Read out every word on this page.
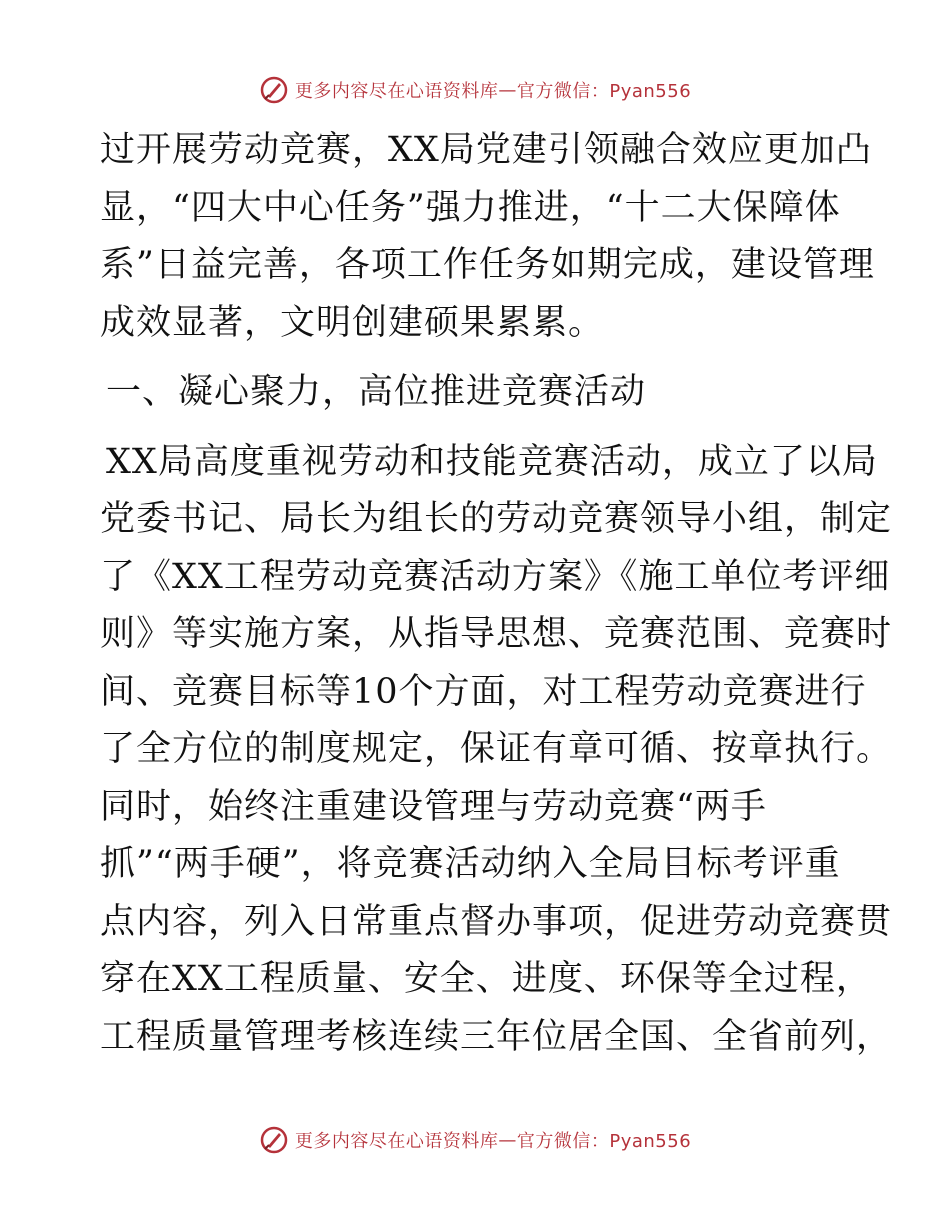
更多内容尽在心语资料库 — 官方微信：Pyan556
过开展劳动竞赛，XX局党建引领融合效应更加凸
显，“四大中心任务”强力推进，“十二大保障体
系”日益完善，各项工作任务如期完成，建设管理
成效显著，文明创建硕果累累。
一、凝心聚力，高位推进竞赛活动
XX局高度重视劳动和技能竞赛活动，成立了以局
党委书记、局长为组长的劳动竞赛领导小组，制定
了《XX工程劳动竞赛活动方案》《施工单位考评细
则》等实施方案，从指导思想、竞赛范围、竞赛时
间、竞赛目标等10个方面，对工程劳动竞赛进行
了全方位的制度规定，保证有章可循、按章执行。
同时，始终注重建设管理与劳动竞赛“两手
抓”“两手硬”，将竞赛活动纳入全局目标考评重
点内容，列入日常重点督办事项，促进劳动竞赛贯
穿在XX工程质量、安全、进度、环保等全过程，
工程质量管理考核连续三年位居全国、全省前列，
更多内容尽在心语资料库 — 官方微信：Pyan556
